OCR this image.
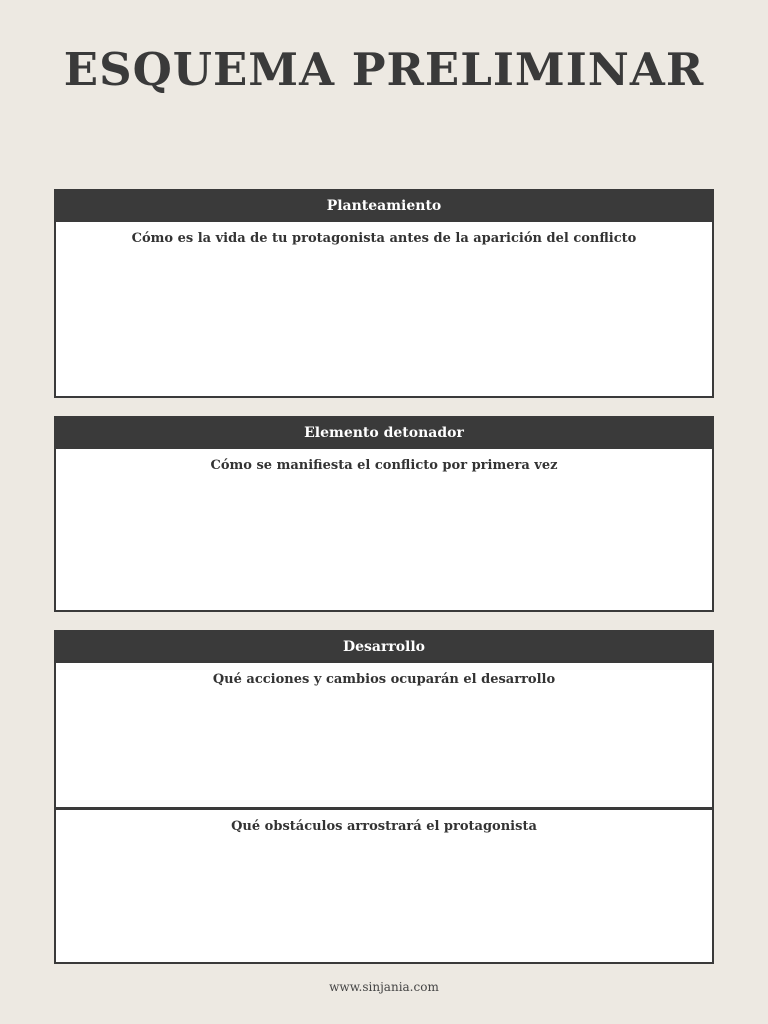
ESQUEMA PRELIMINAR
Planteamiento
Cómo es la vida de tu protagonista antes de la aparición del conflicto
Elemento detonador
Cómo se manifiesta el conflicto por primera vez
Desarrollo
Qué acciones y cambios ocuparán el desarrollo
Qué obstáculos arrostrará el protagonista
www.sinjania.com
